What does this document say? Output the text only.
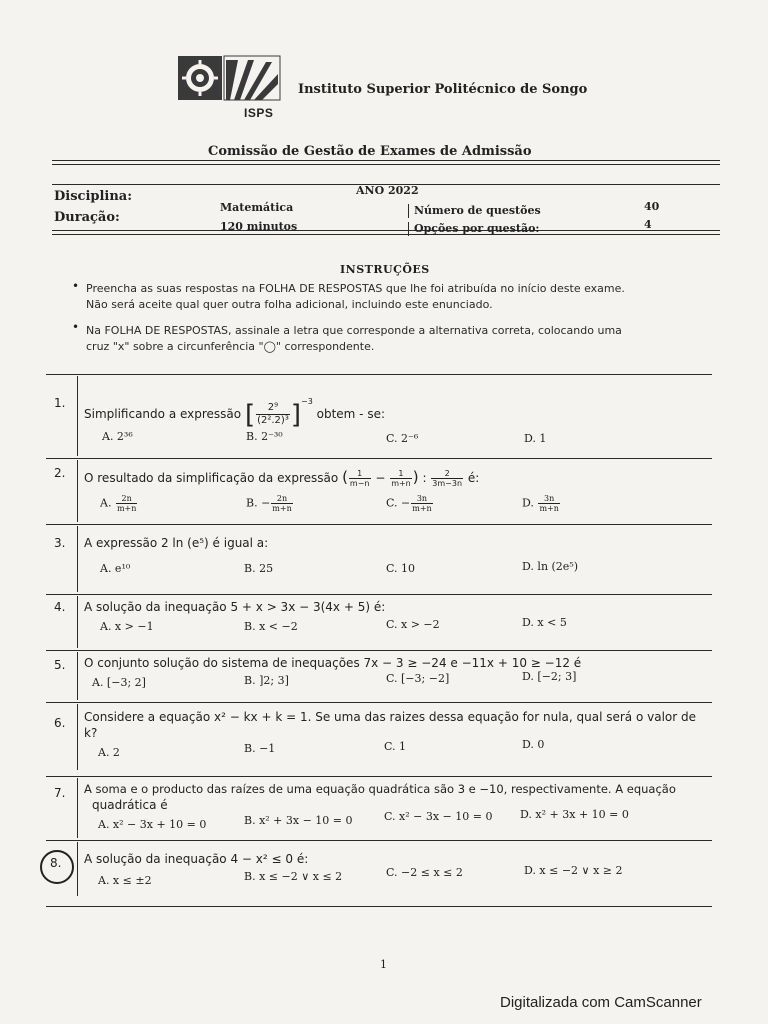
ISPS
Instituto Superior Politécnico de Songo
Comissão de Gestão de Exames de Admissão
ANO 2022
Disciplina:
Matemática
Duração:
120 minutos
Número de questões	40
Opções por questão:	4
INSTRUÇÕES
• Preencha as suas respostas na FOLHA DE RESPOSTAS que lhe foi atribuída no início deste exame.
Não será aceite qual quer outra folha adicional, incluindo este enunciado.
• Na FOLHA DE RESPOSTAS, assinale a letra que corresponde a alternativa correta, colocando uma
cruz "x" sobre a circunferência "◯" correspondente.
1.
Simplificando a expressão [ $\frac{\text{2⁹}}{\text{(2².2)³}} ]^{-3}$ obtem - se:
A. 2³⁶	B. 2⁻³⁰	C. 2⁻⁶	D. 1
2. O resultado da simplificação da expressão ( $\frac{1}{m-n} - \frac{1}{m+n}$ ) : $\frac{2}{3m-3n}$ é:
A. $\frac{2n}{m+n}$	B. − $\frac{2n}{m+n}$	C. − $\frac{3n}{m+n}$	D. $\frac{3n}{m+n}$
3. A expressão 2 ln (e⁵) é igual a:
A. e¹⁰	B. 25	C. 10	D. ln (2e⁵)
4. A solução da inequação 5 + x > 3x − 3(4x + 5) é:
A. x > −1	B. x < −2	C. x > −2	D. x < 5
5. O conjunto solução do sistema de inequações 7x − 3 ≥ −24 e −11x + 10 ≥ −12 é
A. [−3; 2]	B. ]2; 3]	C. [−3; −2]	D. [−2; 3]
6. Considere a equação x² − kx + k = 1. Se uma das raizes dessa equação for nula, qual será o valor de
k?
A. 2	B. −1	C. 1	D. 0
7. A soma e o producto das raízes de uma equação quadrática são 3 e −10, respectivamente. A equação
quadrática é
A. x² − 3x + 10 = 0	B. x² + 3x − 10 = 0	C. x² − 3x − 10 = 0	D. x² + 3x + 10 = 0
8. A solução da inequação 4 − x² ≤ 0 é:
A. x ≤ ±2	B. x ≤ −2 ∨ x ≤ 2	C. −2 ≤ x ≤ 2	D. x ≤ −2 ∨ x ≥ 2
1
Digitalizada com CamScanner
